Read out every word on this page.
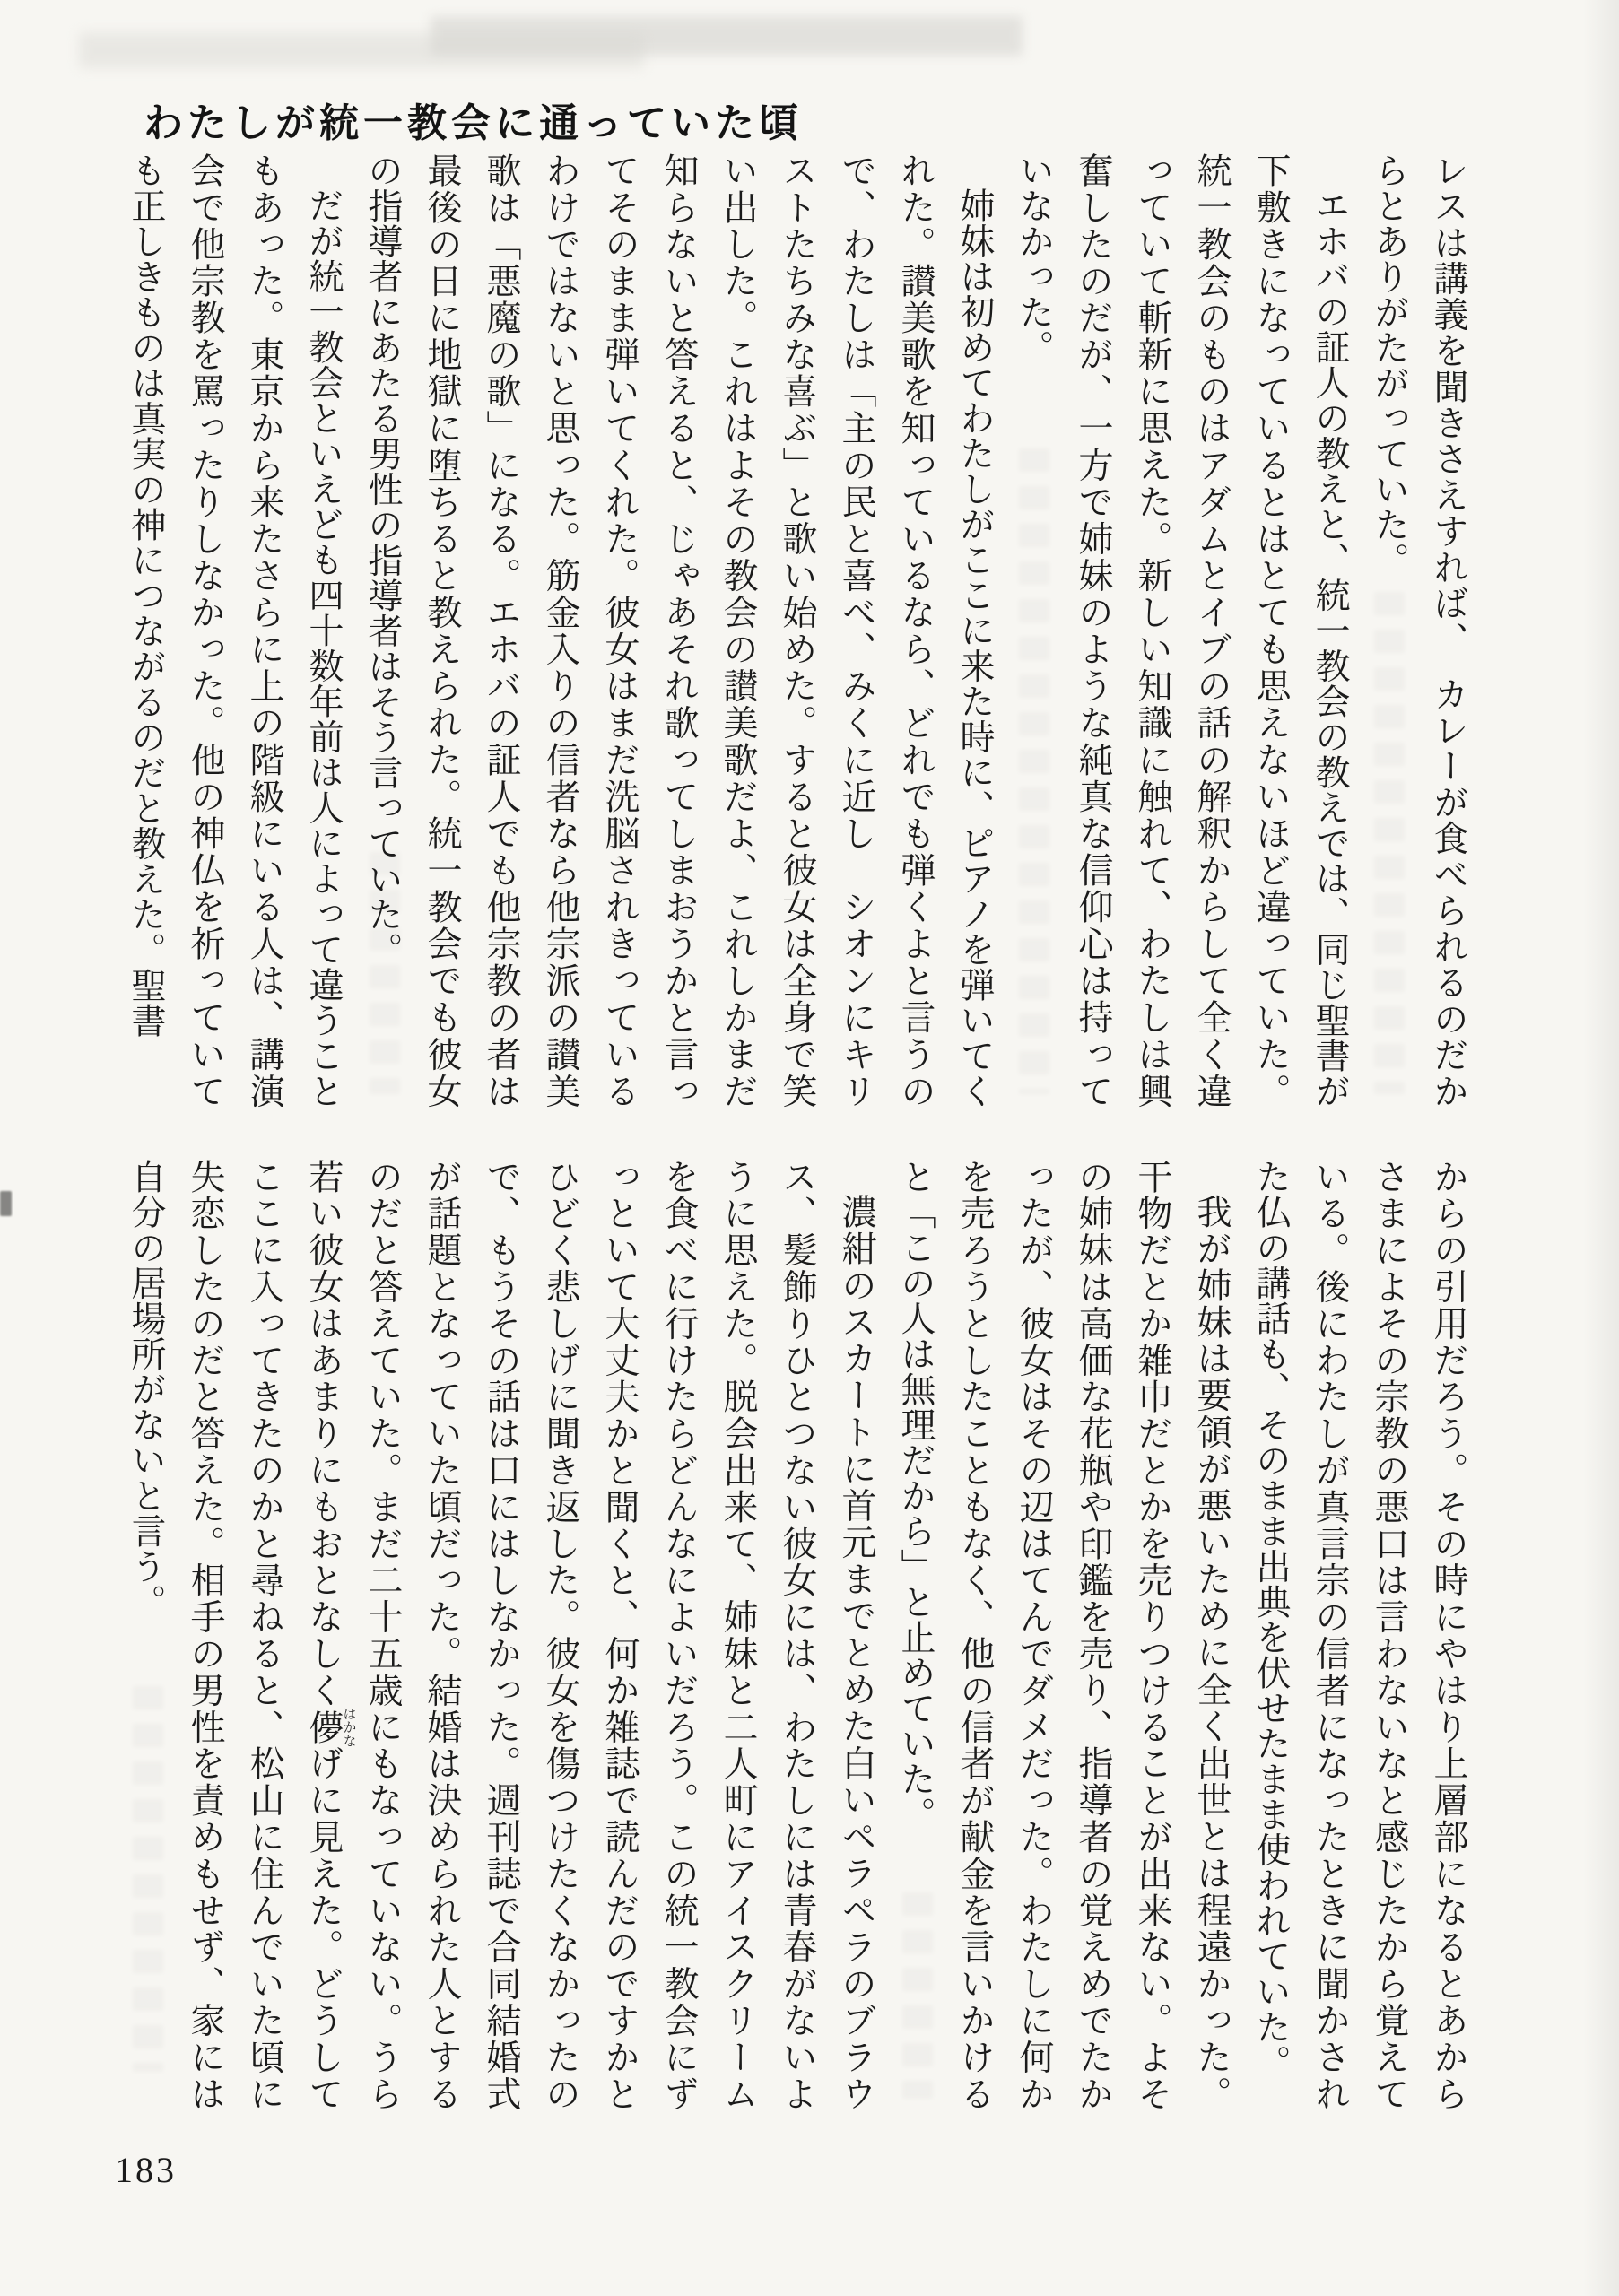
わたしが統一教会に通っていた頃

レスは講義を聞きさえすれば、　カレーが食べられるのだからとありがたがっていた。

エホバの証人の教えと、統一教会の教えでは、同じ聖書が下敷きになっているとはとても思えないほど違っていた。統一教会のものはアダムとイブの話の解釈からして全く違っていて斬新に思えた。新しい知識に触れて、わたしは興奮したのだが、一方で姉妹のような純真な信仰心は持っていなかった。

姉妹は初めてわたしがここに来た時に、ピアノを弾いてくれた。讃美歌を知っているなら、どれでも弾くよと言うので、わたしは「主の民と喜べ、みくに近し　シオンにキリストたちみな喜ぶ」と歌い始めた。すると彼女は全身で笑い出した。これはよその教会の讃美歌だよ、これしかまだ知らないと答えると、じゃあそれ歌ってしまおうかと言ってそのまま弾いてくれた。彼女はまだ洗脳されきっているわけではないと思った。筋金入りの信者なら他宗派の讃美歌は「悪魔の歌」になる。エホバの証人でも他宗教の者は最後の日に地獄に堕ちると教えられた。統一教会でも彼女の指導者にあたる男性の指導者はそう言っていた。

だが統一教会といえども四十数年前は人によって違うこともあった。東京から来たさらに上の階級にいる人は、講演会で他宗教を罵ったりしなかった。他の神仏を祈っていても正しきものは真実の神につながるのだと教えた。聖書

からの引用だろう。その時にやはり上層部になるとあからさまによその宗教の悪口は言わないなと感じたから覚えている。後にわたしが真言宗の信者になったときに聞かされた仏の講話も、そのまま出典を伏せたまま使われていた。

我が姉妹は要領が悪いために全く出世とは程遠かった。干物だとか雑巾だとかを売りつけることが出来ない。よその姉妹は高価な花瓶や印鑑を売り、指導者の覚えめでたかったが、彼女はその辺はてんでダメだった。わたしに何かを売ろうとしたこともなく、他の信者が献金を言いかけると「この人は無理だから」と止めていた。

濃紺のスカートに首元までとめた白いペラペラのブラウス、髪飾りひとつない彼女には、わたしには青春がないように思えた。脱会出来て、姉妹と二人町にアイスクリームを食べに行けたらどんなによいだろう。この統一教会にずっといて大丈夫かと聞くと、何か雑誌で読んだのですかとひどく悲しげに聞き返した。彼女を傷つけたくなかったので、もうその話は口にはしなかった。週刊誌で合同結婚式が話題となっていた頃だった。結婚は決められた人とするのだと答えていた。まだ二十五歳にもなっていない。うら若い彼女はあまりにもおとなしく儚はかなげに見えた。どうしてここに入ってきたのかと尋ねると、松山に住んでいた頃に失恋したのだと答えた。相手の男性を責めもせず、家には自分の居場所がないと言う。

183
